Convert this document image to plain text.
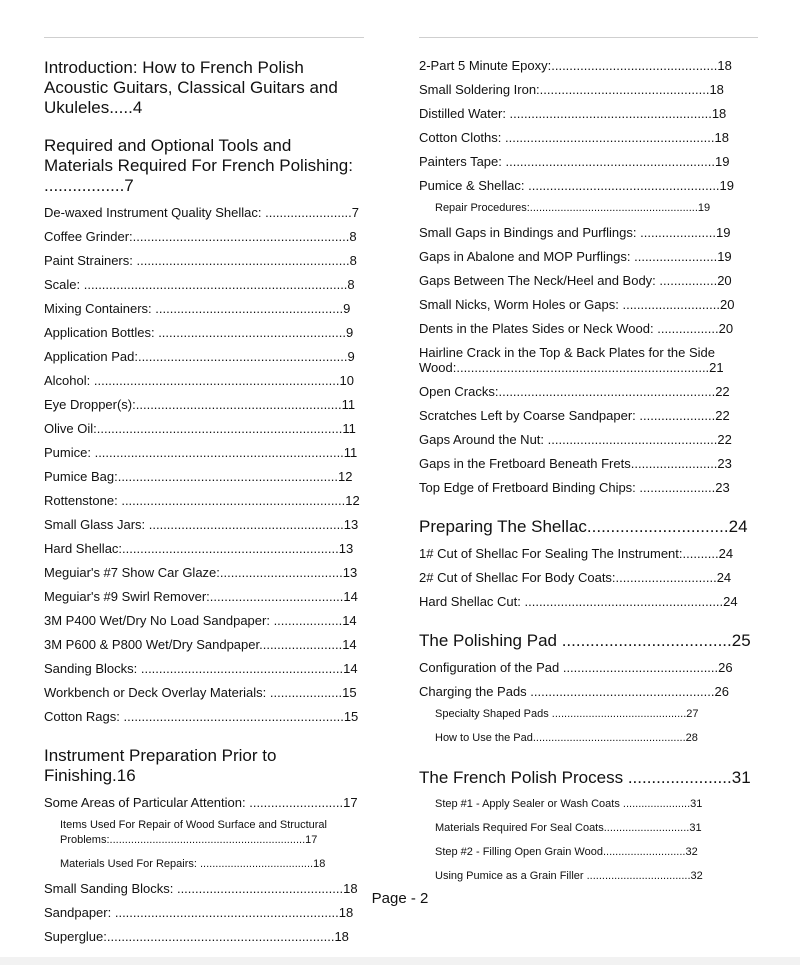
Introduction: How to French Polish Acoustic Guitars, Classical Guitars and Ukuleles.....4
Required and Optional Tools and Materials Required For French Polishing: .................7
De-waxed Instrument Quality Shellac: ........................7
Coffee Grinder:............................................................8
Paint Strainers: ...........................................................8
Scale: .........................................................................8
Mixing Containers: ....................................................9
Application Bottles: ....................................................9
Application Pad:..........................................................9
Alcohol: ....................................................................10
Eye Dropper(s):.........................................................11
Olive Oil:....................................................................11
Pumice: .....................................................................11
Pumice Bag:.............................................................12
Rottenstone: ..............................................................12
Small Glass Jars: ......................................................13
Hard Shellac:............................................................13
Meguiar's #7 Show Car Glaze:..................................13
Meguiar's #9 Swirl Remover:.....................................14
3M P400 Wet/Dry No Load Sandpaper: ...................14
3M P600 & P800 Wet/Dry Sandpaper.......................14
Sanding Blocks: ........................................................14
Workbench or Deck Overlay Materials: ....................15
Cotton Rags: .............................................................15
Instrument Preparation Prior to Finishing.16
Some Areas of Particular Attention: ..........................17
Items Used For Repair of Wood Surface and Structural Problems:................................................................17
Materials Used For Repairs: .....................................18
Small Sanding Blocks: ..............................................18
Sandpaper: ..............................................................18
Superglue:...............................................................18
2-Part 5 Minute Epoxy:..............................................18
Small Soldering Iron:...............................................18
Distilled Water: ........................................................18
Cotton Cloths: ..........................................................18
Painters Tape: ..........................................................19
Pumice & Shellac: .....................................................19
Repair Procedures:.......................................................19
Small Gaps in Bindings and Purflings: .....................19
Gaps in Abalone and MOP Purflings: .......................19
Gaps Between The Neck/Heel and Body: ................20
Small Nicks, Worm Holes or Gaps: ...........................20
Dents in the Plates Sides or Neck Wood: .................20
Hairline Crack in the Top & Back Plates for the Side Wood:......................................................................21
Open Cracks:............................................................22
Scratches Left by Coarse Sandpaper: .....................22
Gaps Around the Nut: ...............................................22
Gaps in the Fretboard Beneath Frets........................23
Top Edge of Fretboard Binding Chips: .....................23
Preparing The Shellac..............................24
1# Cut of Shellac For Sealing The Instrument:..........24
2# Cut of Shellac For Body Coats:............................24
Hard Shellac Cut: .......................................................24
The Polishing Pad ....................................25
Configuration of the Pad ...........................................26
Charging the Pads ...................................................26
Specialty Shaped Pads ............................................27
How to Use the Pad..................................................28
The French Polish Process ......................31
Step #1 - Apply Sealer or Wash Coats ......................31
Materials Required For Seal Coats............................31
Step #2 - Filling Open Grain Wood...........................32
Using Pumice as a Grain Filler ..................................32
Page - 2
